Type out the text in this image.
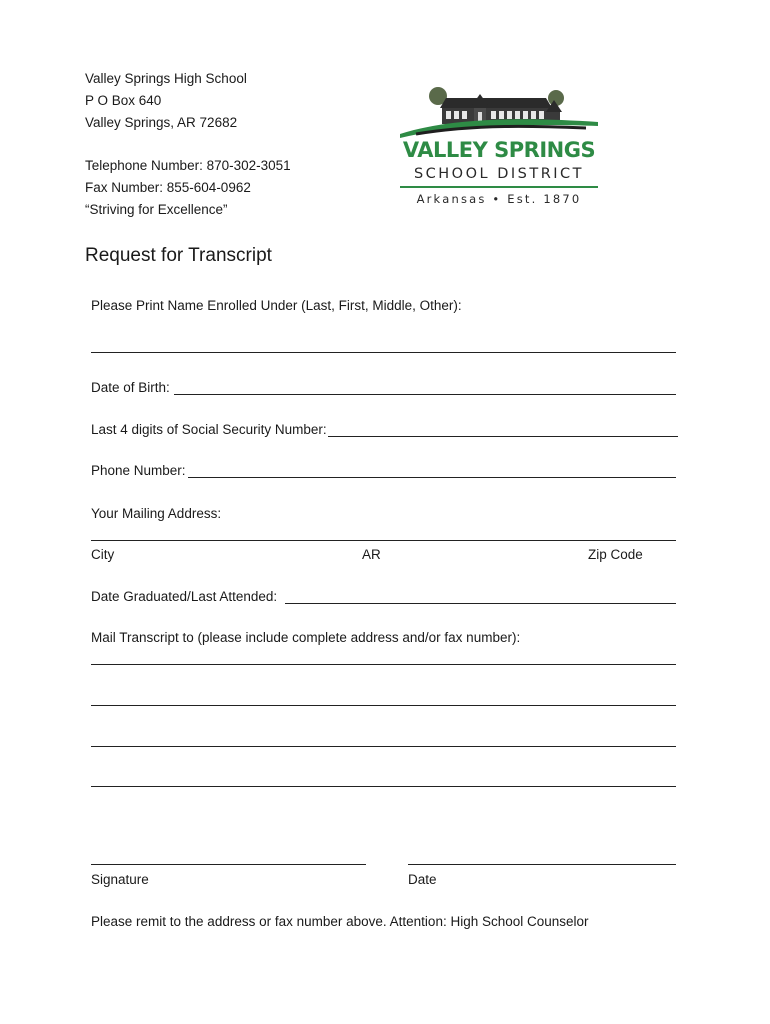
Valley Springs High School
P O Box 640
Valley Springs, AR 72682
Telephone Number: 870-302-3051
Fax Number: 855-604-0962
“Striving for Excellence”
VALLEY SPRINGS
SCHOOL DISTRICT
Arkansas • Est. 1870
Request for Transcript
Please Print Name Enrolled Under (Last, First, Middle, Other):
Date of Birth:
Last 4 digits of Social Security Number:
Phone Number:
Your Mailing Address:
City	AR	Zip Code
Date Graduated/Last Attended:
Mail Transcript to (please include complete address and/or fax number):
Signature	Date
Please remit to the address or fax number above. Attention: High School Counselor
